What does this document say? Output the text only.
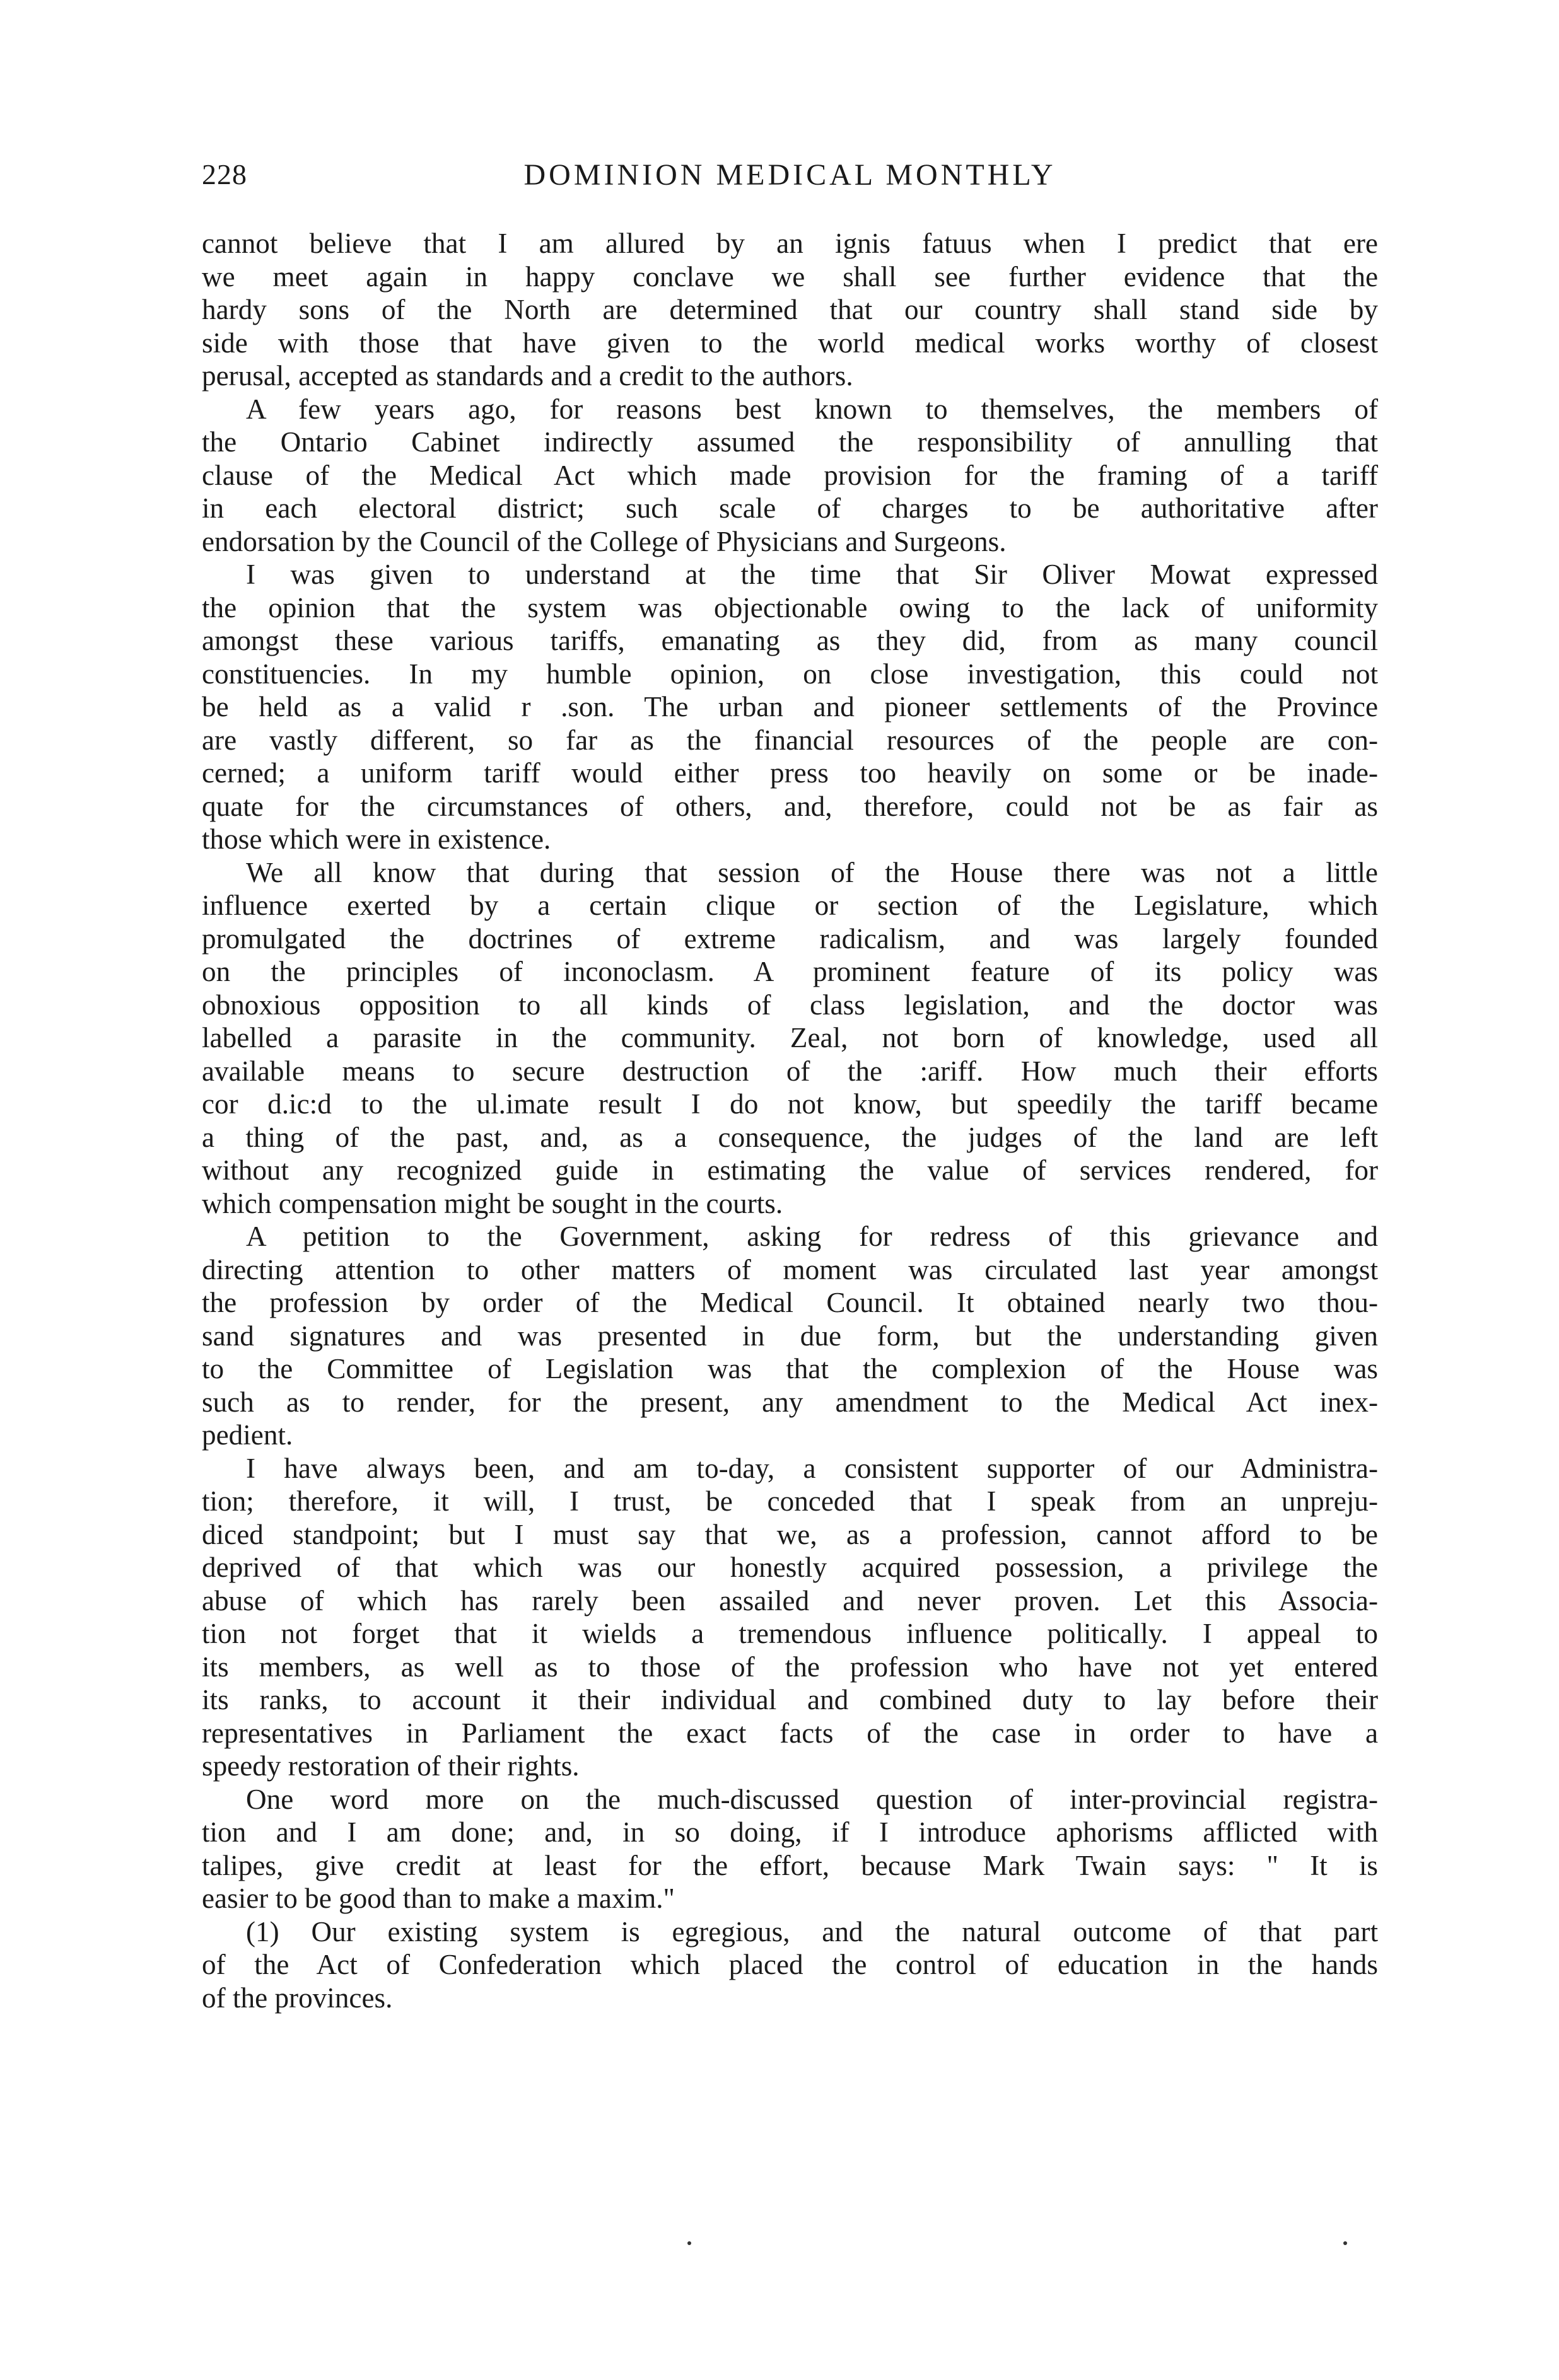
228	DOMINION MEDICAL MONTHLY
cannot believe that I am allured by an ignis fatuus when I predict that ere
we meet again in happy conclave we shall see further evidence that the
hardy sons of the North are determined that our country shall stand side by
side with those that have given to the world medical works worthy of closest
perusal, accepted as standards and a credit to the authors.
A few years ago, for reasons best known to themselves, the members of
the Ontario Cabinet indirectly assumed the responsibility of annulling that
clause of the Medical Act which made provision for the framing of a tariff
in each electoral district; such scale of charges to be authoritative after
endorsation by the Council of the College of Physicians and Surgeons.
I was given to understand at the time that Sir Oliver Mowat expressed
the opinion that the system was objectionable owing to the lack of uniformity
amongst these various tariffs, emanating as they did, from as many council
constituencies. In my humble opinion, on close investigation, this could not
be held as a valid r .son. The urban and pioneer settlements of the Province
are vastly different, so far as the financial resources of the people are con-
cerned; a uniform tariff would either press too heavily on some or be inade-
quate for the circumstances of others, and, therefore, could not be as fair as
those which were in existence.
We all know that during that session of the House there was not a little
influence exerted by a certain clique or section of the Legislature, which
promulgated the doctrines of extreme radicalism, and was largely founded
on the principles of inconoclasm. A prominent feature of its policy was
obnoxious opposition to all kinds of class legislation, and the doctor was
labelled a parasite in the community. Zeal, not born of knowledge, used all
available means to secure destruction of the :ariff. How much their efforts
cor d.ic:d to the ul.imate result I do not know, but speedily the tariff became
a thing of the past, and, as a consequence, the judges of the land are left
without any recognized guide in estimating the value of services rendered, for
which compensation might be sought in the courts.
A petition to the Government, asking for redress of this grievance and
directing attention to other matters of moment was circulated last year amongst
the profession by order of the Medical Council. It obtained nearly two thou-
sand signatures and was presented in due form, but the understanding given
to the Committee of Legislation was that the complexion of the House was
such as to render, for the present, any amendment to the Medical Act inex-
pedient.
I have always been, and am to-day, a consistent supporter of our Administra-
tion; therefore, it will, I trust, be conceded that I speak from an unpreju-
diced standpoint; but I must say that we, as a profession, cannot afford to be
deprived of that which was our honestly acquired possession, a privilege the
abuse of which has rarely been assailed and never proven. Let this Associa-
tion not forget that it wields a tremendous influence politically. I appeal to
its members, as well as to those of the profession who have not yet entered
its ranks, to account it their individual and combined duty to lay before their
representatives in Parliament the exact facts of the case in order to have a
speedy restoration of their rights.
One word more on the much-discussed question of inter-provincial registra-
tion and I am done; and, in so doing, if I introduce aphorisms afflicted with
talipes, give credit at least for the effort, because Mark Twain says: " It is
easier to be good than to make a maxim."
(1) Our existing system is egregious, and the natural outcome of that part
of the Act of Confederation which placed the control of education in the hands
of the provinces.
